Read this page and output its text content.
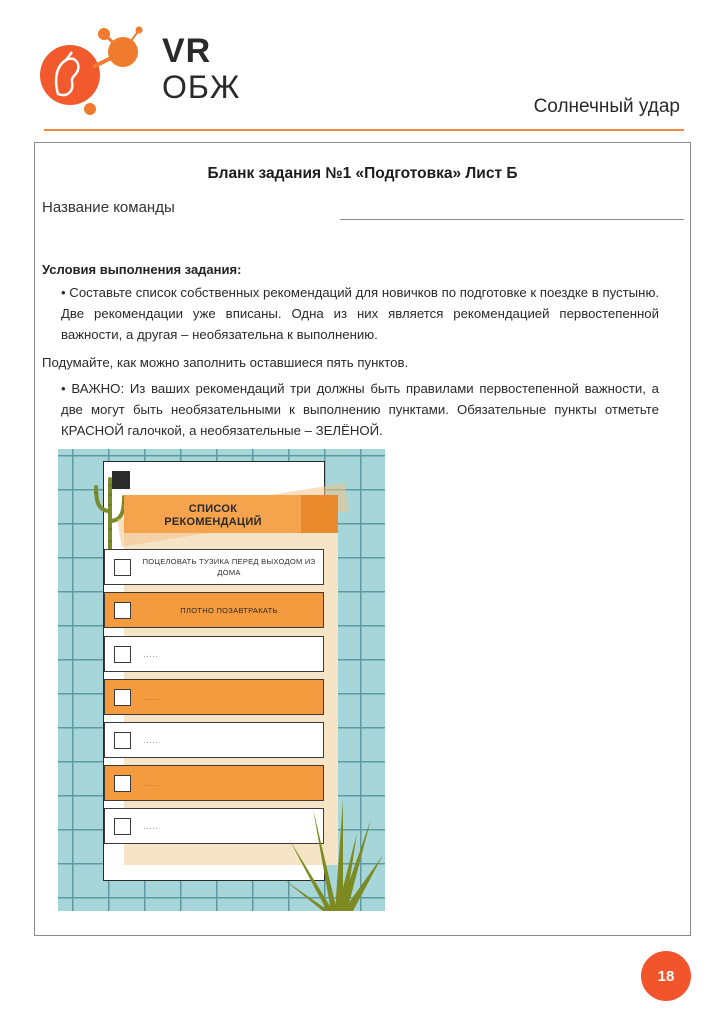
VR
ОБЖ
Солнечный удар
Бланк задания №1 «Подготовка» Лист Б
Название команды
Условия выполнения задания:
• Составьте список собственных рекомендаций для новичков по подготовке к поездке в пустыню. Две рекомендации уже вписаны. Одна из них является рекомендацией первостепенной важности, а другая – необязательна к выполнению.
Подумайте, как можно заполнить оставшиеся пять пунктов.
• ВАЖНО: Из ваших рекомендаций три должны быть правилами первостепенной важности, а две могут быть необязательными к выполнению пунктами. Обязательные пункты отметьте КРАСНОЙ галочкой, а необязательные – ЗЕЛЁНОЙ.
СПИСОК
РЕКОМЕНДАЦИЙ
ПОЦЕЛОВАТЬ ТУЗИКА ПЕРЕД ВЫХОДОМ ИЗ ДОМА
ПЛОТНО ПОЗАВТРАКАТЬ
.....
.....
.....
.....
.....
18
